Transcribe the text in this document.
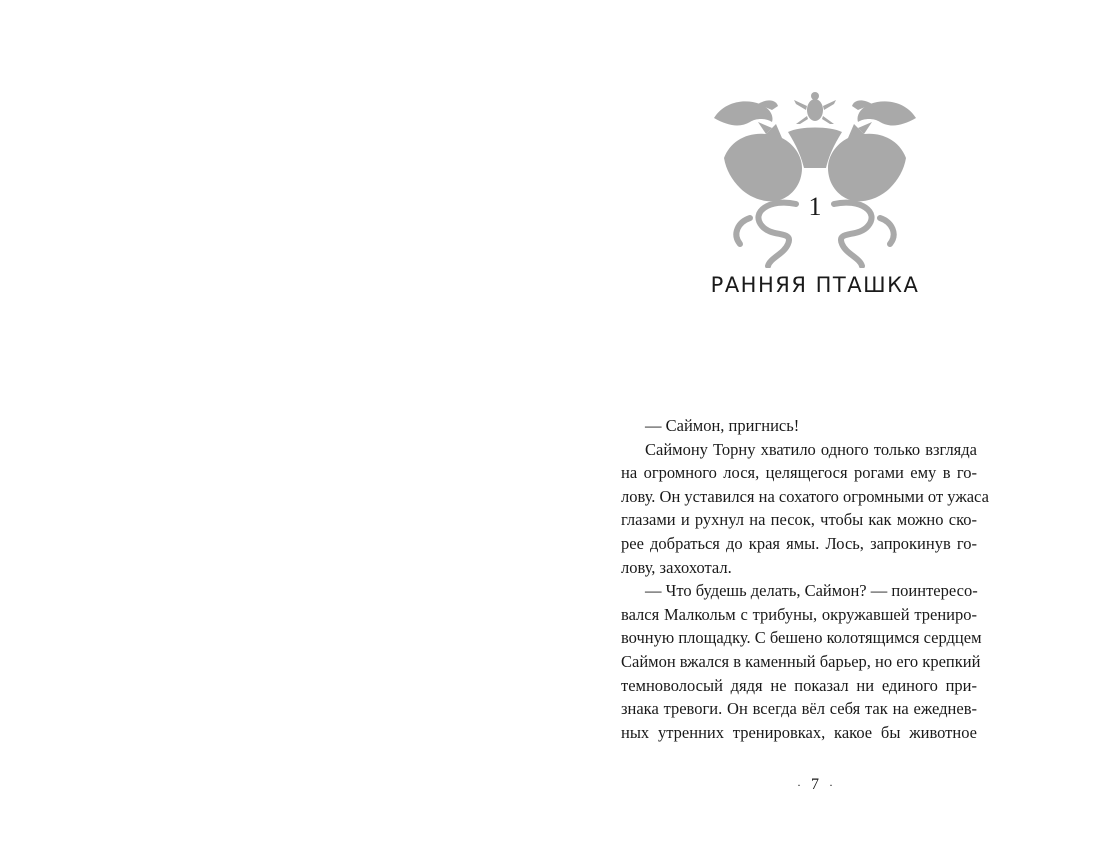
1
РАННЯЯ ПТАШКА
— Саймон, пригнись!
Саймону Торну хватило одного только взгляда
на огромного лося, целящегося рогами ему в го-
лову. Он уставился на сохатого огромными от ужаса
глазами и рухнул на песок, чтобы как можно ско-
рее добраться до края ямы. Лось, запрокинув го-
лову, захохотал.
— Что будешь делать, Саймон? — поинтересо-
вался Малкольм с трибуны, окружавшей трениро-
вочную площадку. С бешено колотящимся сердцем
Саймон вжался в каменный барьер, но его крепкий
темноволосый дядя не показал ни единого при-
знака тревоги. Он всегда вёл себя так на ежеднев-
ных утренних тренировках, какое бы животное
· 7 ·
